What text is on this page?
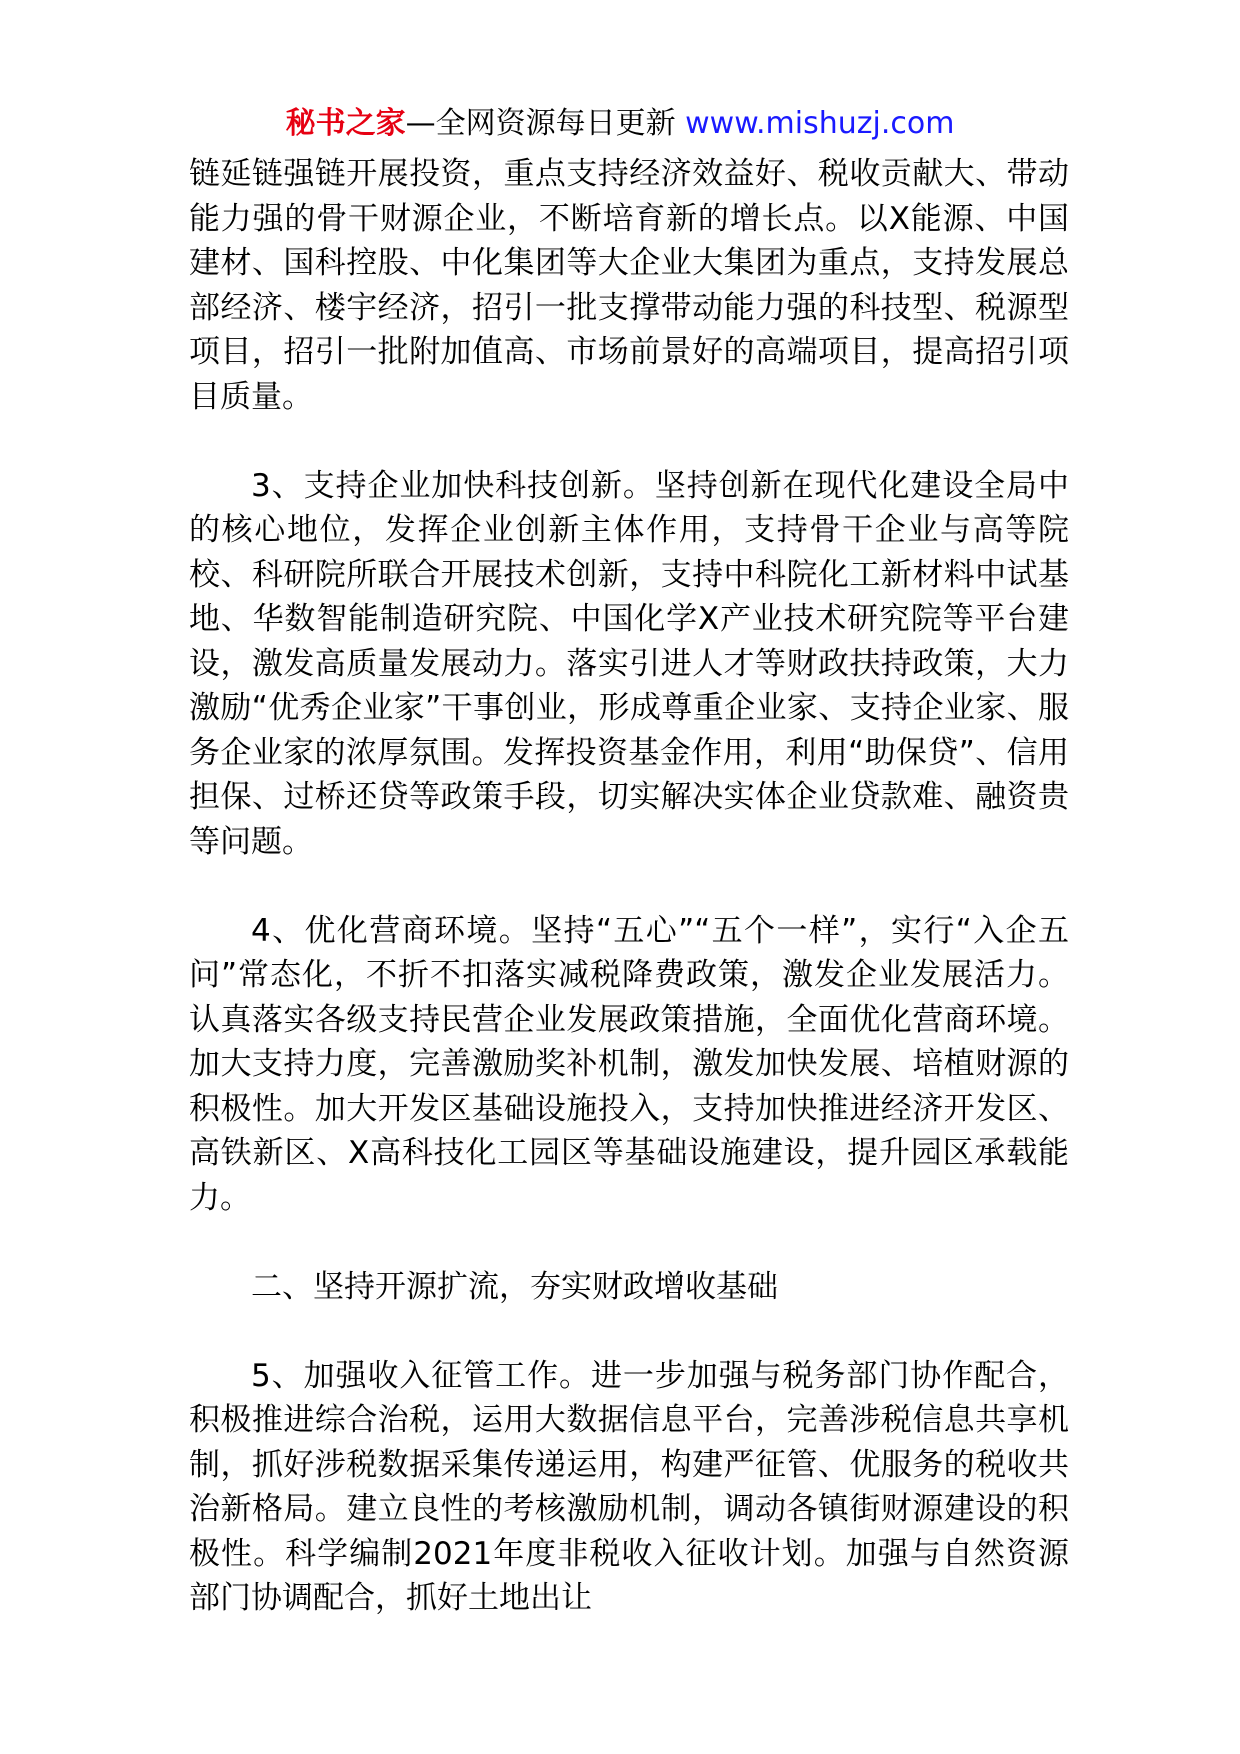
秘书之家—全网资源每日更新 www.mishuzj.com

链延链强链开展投资，重点支持经济效益好、税收贡献大、带动能力强的骨干财源企业，不断培育新的增长点。以X能源、中国建材、国科控股、中化集团等大企业大集团为重点，支持发展总部经济、楼宇经济，招引一批支撑带动能力强的科技型、税源型项目，招引一批附加值高、市场前景好的高端项目，提高招引项目质量。

3、支持企业加快科技创新。坚持创新在现代化建设全局中的核心地位，发挥企业创新主体作用，支持骨干企业与高等院校、科研院所联合开展技术创新，支持中科院化工新材料中试基地、华数智能制造研究院、中国化学X产业技术研究院等平台建设，激发高质量发展动力。落实引进人才等财政扶持政策，大力激励“优秀企业家”干事创业，形成尊重企业家、支持企业家、服务企业家的浓厚氛围。发挥投资基金作用，利用“助保贷”、信用担保、过桥还贷等政策手段，切实解决实体企业贷款难、融资贵等问题。

4、优化营商环境。坚持“五心”“五个一样”，实行“入企五问”常态化，不折不扣落实减税降费政策，激发企业发展活力。认真落实各级支持民营企业发展政策措施，全面优化营商环境。加大支持力度，完善激励奖补机制，激发加快发展、培植财源的积极性。加大开发区基础设施投入，支持加快推进经济开发区、高铁新区、X高科技化工园区等基础设施建设，提升园区承载能力。

二、坚持开源扩流，夯实财政增收基础

5、加强收入征管工作。进一步加强与税务部门协作配合，积极推进综合治税，运用大数据信息平台，完善涉税信息共享机制，抓好涉税数据采集传递运用，构建严征管、优服务的税收共治新格局。建立良性的考核激励机制，调动各镇街财源建设的积极性。科学编制2021年度非税收入征收计划。加强与自然资源部门协调配合，抓好土地出让
